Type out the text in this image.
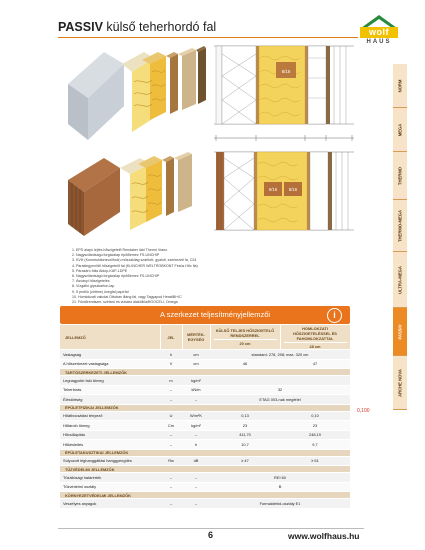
PASSIV külső teherhordó fal	wolf
HAUS
8/16
6/16	8/16
1. EPS alapú lejtés hőszigetelő Rendaker lábi Thermi Vrano
2. Nagyszilárdságú forgácslap építőlemez FS-UNCHIP
3. KVH (Konstruktionsvollholz) műszakilag szárított, gyalult, szerkezeti fa, C24
4. Párakiegyenlítő hőszigetelő fal (KLINCHER WELTROBKONT Fésüs Hőc fla)
5. Párazáró fólia Aldop-KAP-LDPE
6. Nagyszilárdságú forgácslap építőlemez FS-UNCHIP
7. Ásványi hőszigetelés
8. Vízgátló gipszkarton-lap
9. 5 profilú (zöttme) üvegfal papírfal
10. Homlokzati vakolat Ottoban illáng fal, vagy Tagyapod HeratiBi+IC
21. Fürdőrendszer, szétárú és vizsáró alaköltözőfGOCELI, Omega
NORM
MEGA
THERMO
THERMO-MEGA
ULTRA-MEGA
PASSIV
ARCHE NOVA
A szerkezet teljesítményjellemzői	i
JELLEMZŐ	JEL	MÉRTÉK- EGYSÉG	KÜLSŐ TELJES HŐSZIGETELŐ RENDSZERREL
20 cm	HOMLOKZATI HŐSZIGETELÉSSEL ÉS FAHOMLOKZATTAL
28 cm

Vastagság	h	cm	standard: 278, 298; max. 320 cm	
A hőszerkezet vastagsága	V	cm	46	47
TARTÓSZERKEZETI JELLEMZŐK				
Legnagyobb falú tömeg	m	kg/m²		
Teherbírás	–	kN/m	32	
Éléstörtség	–	–	ETAG 003-nak megfelel	
ÉPÜLETFIZIKAI JELLEMZŐK				
Hőátbocsátási tényező	U	W/m²K	0,13	0,10
Hőtároló tömeg	Cm	kg/m²	23	23
Hőcsillapítás	–	–	411,70	248,19
Hőkésleltés	–	h	10,7	9,7
ÉPÜLETAKUSZTIKAI JELLEMZŐK				
Súlyozott léghanggátlási hanggyengítés	Rw	dB	≥ 47	≥ 51
TŰZVÉDELMI JELLEMZŐK				
Tűzállósági határérték	–	–	REI 60	
Tűzvédelmi osztály	–	–	B	
KÖRNYEZETVÉDELMI JELLEMZŐK				
Veszélyes anyagok	–	–	Formaldehid-osztály E1	
0,100
6	www.wolfhaus.hu
